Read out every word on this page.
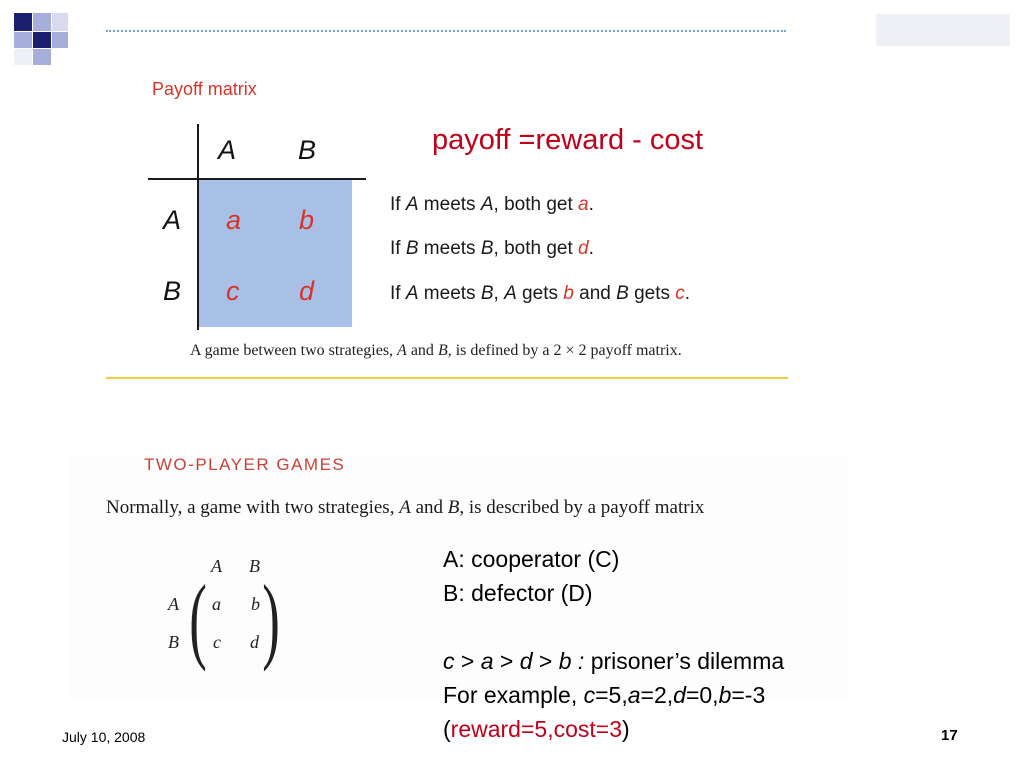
Payoff matrix
A B
A
B
a b
c d
If A meets A, both get a.
If B meets B, both get d.
If A meets B, A gets b and B gets c.
A game between two strategies, A and B, is defined by a 2 × 2 payoff matrix.
payoff =reward - cost
TWO-PLAYER GAMES
Normally, a game with two strategies, A and B, is described by a payoff matrix
A B
A
B ( )
a b
c d
A: cooperator (C)
B: defector (D)

c > a > d > b : prisoner’s dilemma
For example, c=5,a=2,d=0,b=-3
(reward=5,cost=3)
July 10, 2008	17
